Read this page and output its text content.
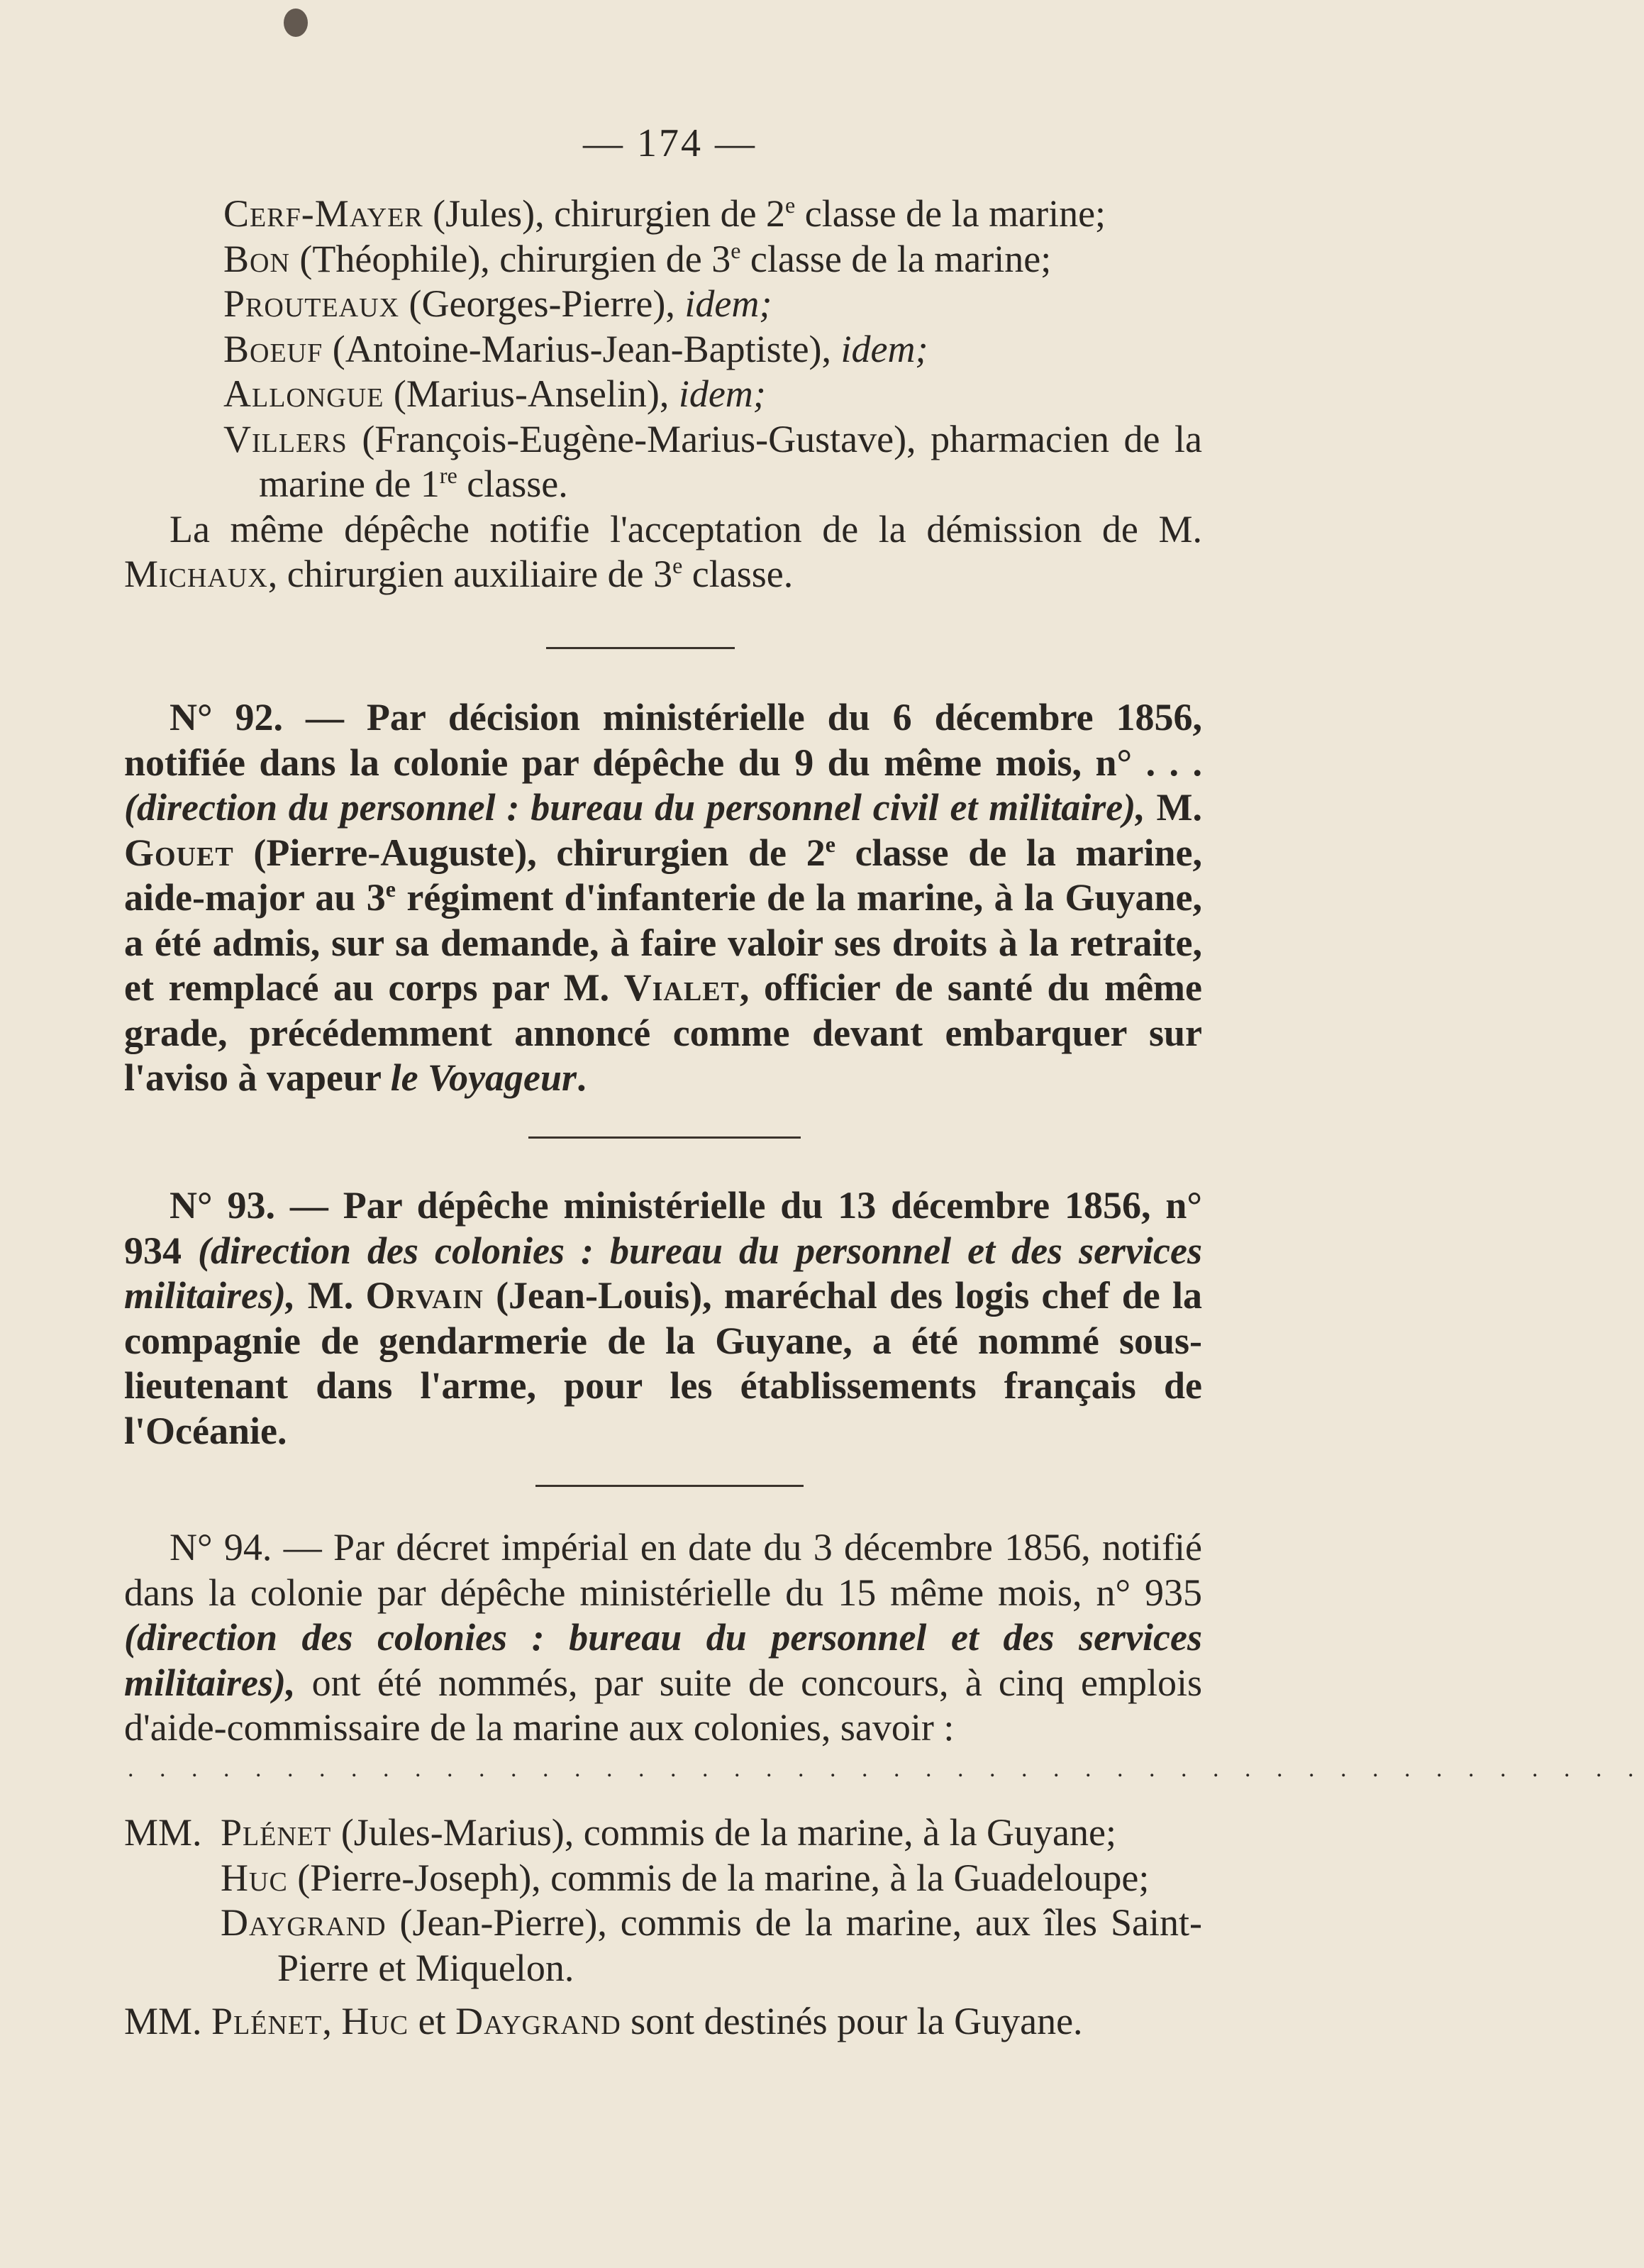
— 174 —

Cerf-Mayer (Jules), chirurgien de 2e classe de la marine;

Bon (Théophile), chirurgien de 3e classe de la marine;

Prouteaux (Georges-Pierre), idem;

Boeuf (Antoine-Marius-Jean-Baptiste), idem;

Allongue (Marius-Anselin), idem;

Villers (François-Eugène-Marius-Gustave), pharmacien de la marine de 1re classe.

La même dépêche notifie l'acceptation de la démission de M. Michaux, chirurgien auxiliaire de 3e classe.

N° 92. — Par décision ministérielle du 6 décembre 1856, notifiée dans la colonie par dépêche du 9 du même mois, n° . . . (direction du personnel : bureau du personnel civil et militaire), M. Gouet (Pierre-Auguste), chirurgien de 2e classe de la marine, aide-major au 3e régiment d'infanterie de la marine, à la Guyane, a été admis, sur sa demande, à faire valoir ses droits à la retraite, et remplacé au corps par M. Vialet, officier de santé du même grade, précédemment annoncé comme devant embarquer sur l'aviso à vapeur le Voyageur.

N° 93. — Par dépêche ministérielle du 13 décembre 1856, n° 934 (direction des colonies : bureau du personnel et des services militaires), M. Orvain (Jean-Louis), maréchal des logis chef de la compagnie de gendarmerie de la Guyane, a été nommé sous-lieutenant dans l'arme, pour les établissements français de l'Océanie.

N° 94. — Par décret impérial en date du 3 décembre 1856, notifié dans la colonie par dépêche ministérielle du 15 même mois, n° 935 (direction des colonies : bureau du personnel et des services militaires), ont été nommés, par suite de concours, à cinq emplois d'aide-commissaire de la marine aux colonies, savoir :

. . . . . . . . . . . . . . . . . . . . . . . . . . . . . . . . . . . . . . . . . . . . . . . .

MM.Plénet (Jules-Marius), commis de la marine, à la Guyane;

Huc (Pierre-Joseph), commis de la marine, à la Guadeloupe;

Daygrand (Jean-Pierre), commis de la marine, aux îles Saint-Pierre et Miquelon.

MM. Plénet, Huc et Daygrand sont destinés pour la Guyane.
